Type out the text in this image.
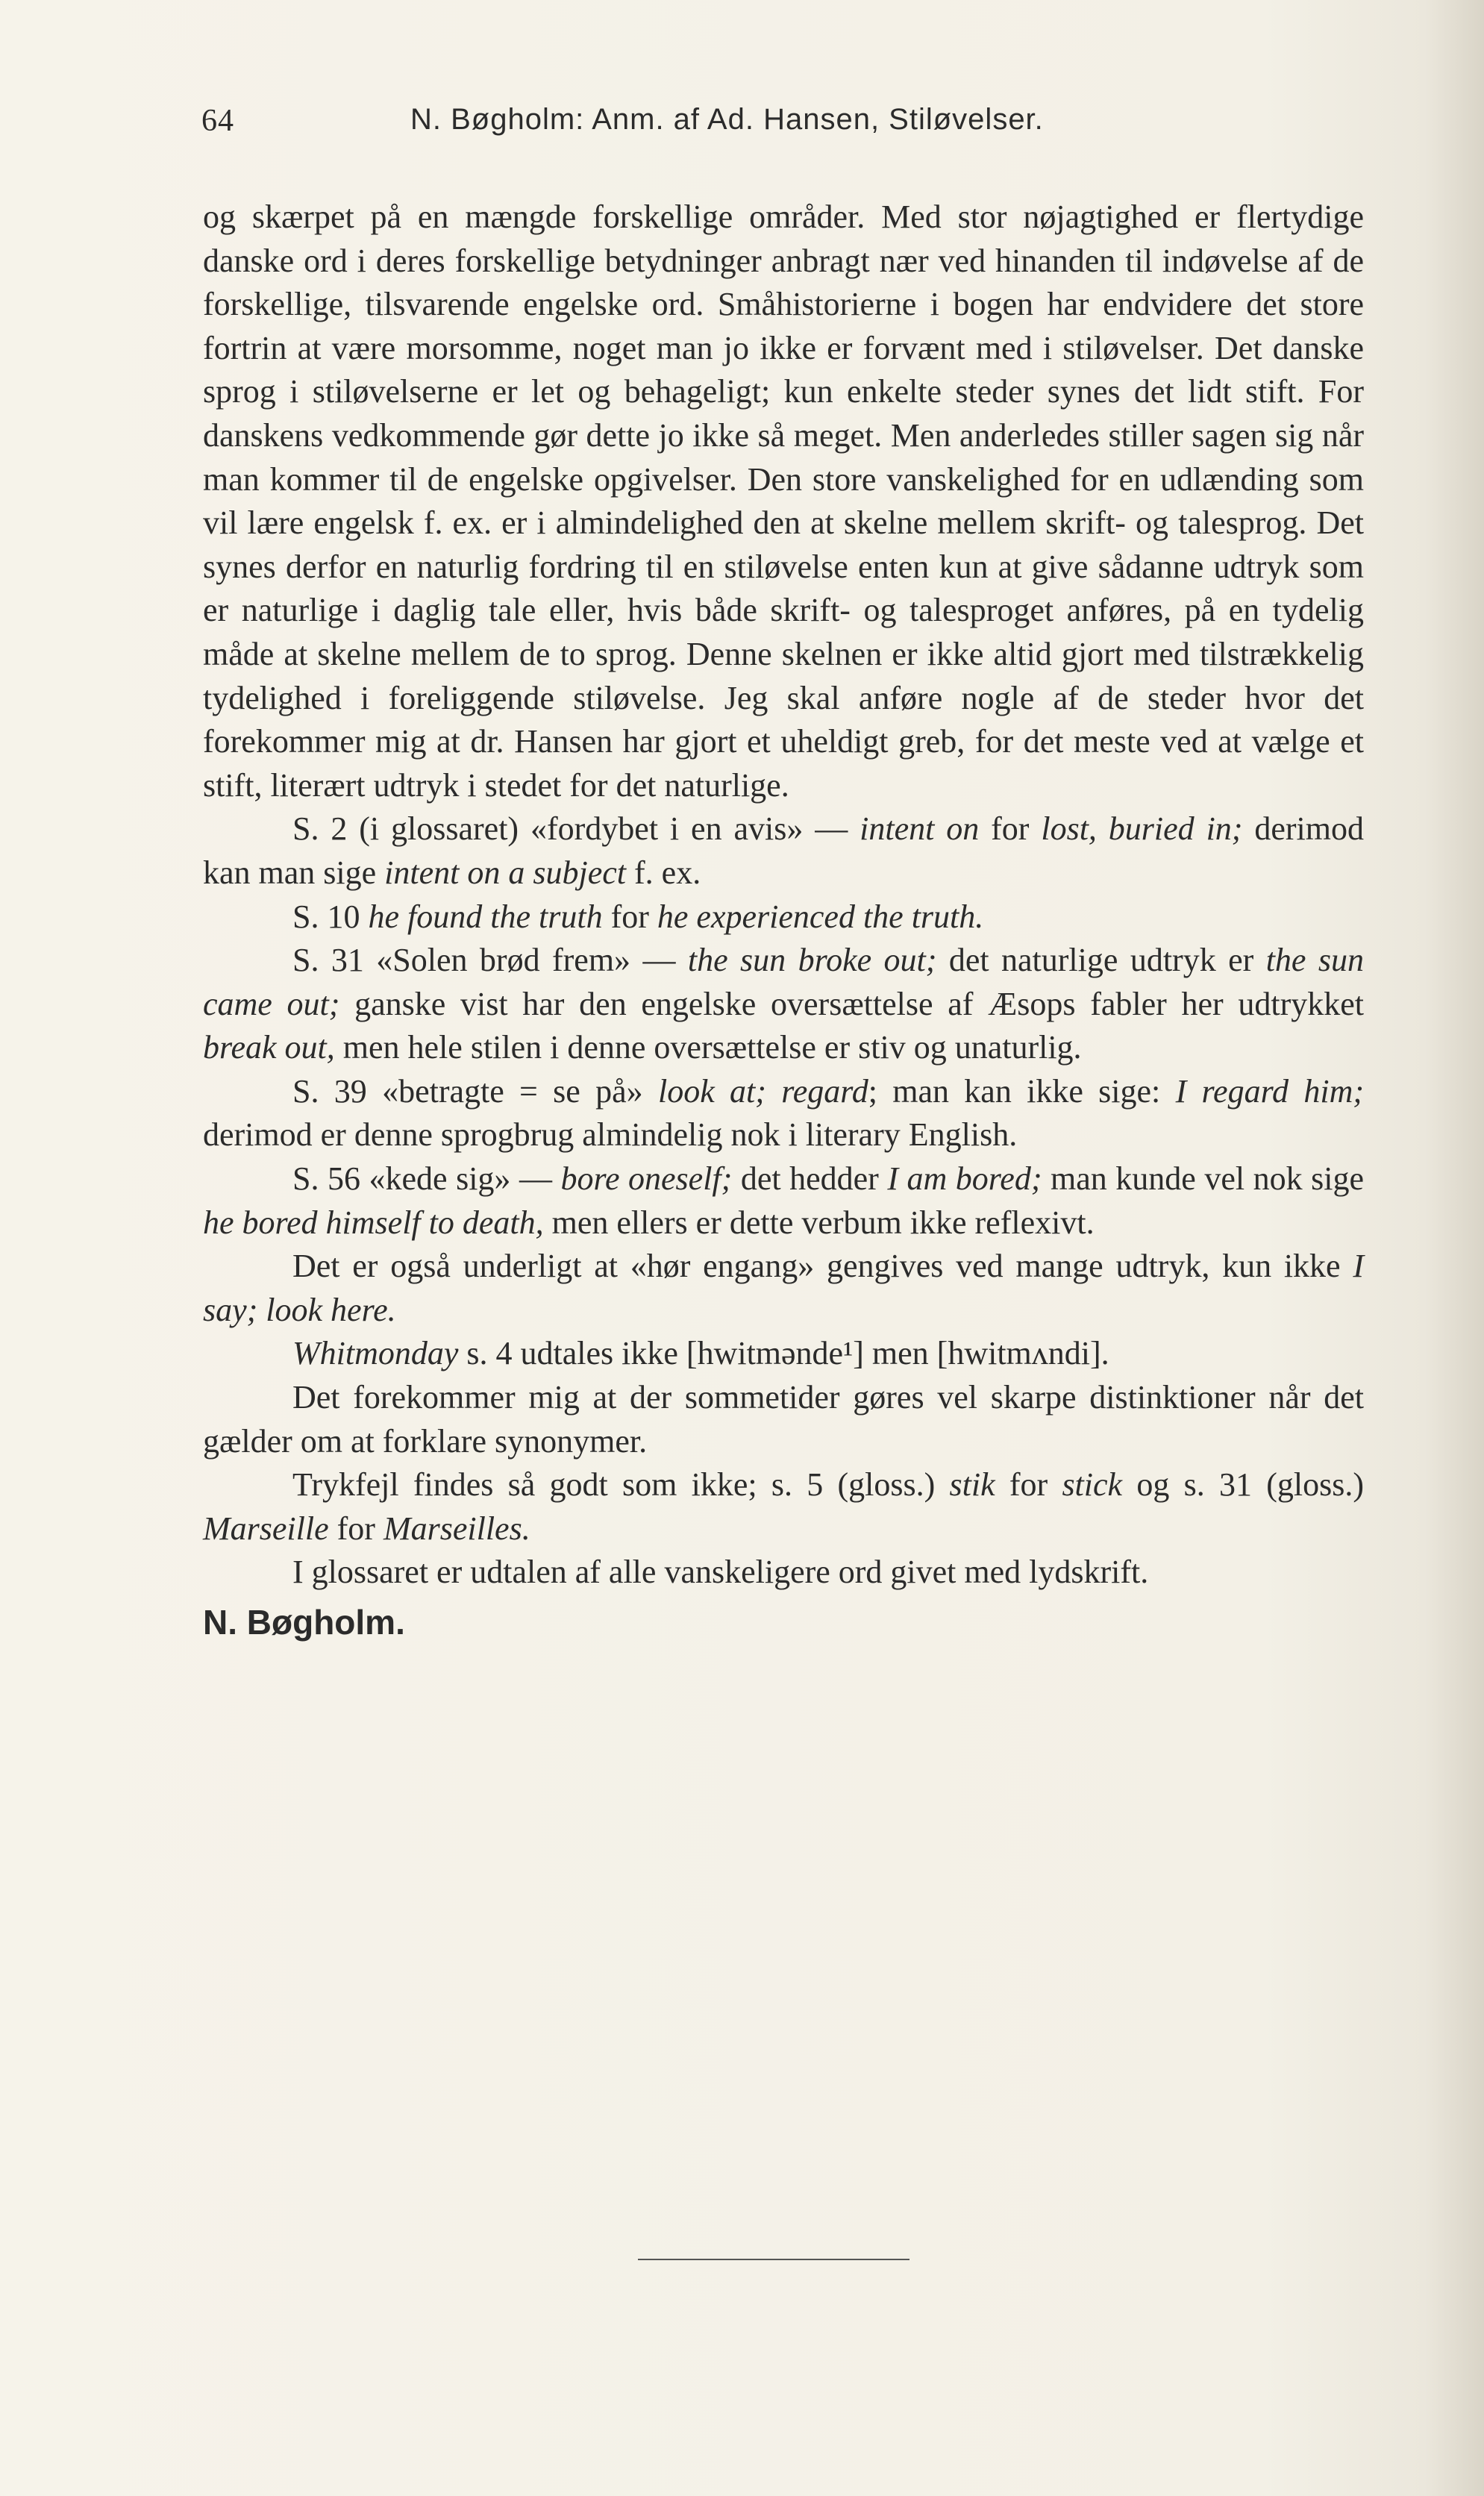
64	N. Bøgholm: Anm. af Ad. Hansen, Stiløvelser.

og skærpet på en mængde forskellige områder. Med stor nøjagtighed er flertydige danske ord i deres forskellige betydninger anbragt nær ved hinanden til indøvelse af de forskellige, tilsvarende engelske ord. Småhistorierne i bogen har endvidere det store fortrin at være morsomme, noget man jo ikke er forvænt med i stiløvelser. Det danske sprog i stiløvelserne er let og behageligt; kun enkelte steder synes det lidt stift. For danskens vedkommende gør dette jo ikke så meget. Men anderledes stiller sagen sig når man kommer til de engelske opgivelser. Den store vanskelighed for en udlænding som vil lære engelsk f. ex. er i almindelighed den at skelne mellem skrift- og talesprog. Det synes derfor en naturlig fordring til en stiløvelse enten kun at give sådanne udtryk som er naturlige i daglig tale eller, hvis både skrift- og talesproget anføres, på en tydelig måde at skelne mellem de to sprog. Denne skelnen er ikke altid gjort med tilstrækkelig tydelighed i foreliggende stiløvelse. Jeg skal anføre nogle af de steder hvor det forekommer mig at dr. Hansen har gjort et uheldigt greb, for det meste ved at vælge et stift, literært udtryk i stedet for det naturlige.

S. 2 (i glossaret) «fordybet i en avis» — intent on for lost, buried in; derimod kan man sige intent on a subject f. ex.

S. 10 he found the truth for he experienced the truth.

S. 31 «Solen brød frem» — the sun broke out; det naturlige udtryk er the sun came out; ganske vist har den engelske oversættelse af Æsops fabler her udtrykket break out, men hele stilen i denne oversættelse er stiv og unaturlig.

S. 39 «betragte = se på» look at; regard; man kan ikke sige: I regard him; derimod er denne sprogbrug almindelig nok i literary English.

S. 56 «kede sig» — bore oneself; det hedder I am bored; man kunde vel nok sige he bored himself to death, men ellers er dette verbum ikke reflexivt.

Det er også underligt at «hør engang» gengives ved mange udtryk, kun ikke I say; look here.

Whitmonday s. 4 udtales ikke [hwitmənde¹] men [hwitmʌndi].

Det forekommer mig at der sommetider gøres vel skarpe distinktioner når det gælder om at forklare synonymer.

Trykfejl findes så godt som ikke; s. 5 (gloss.) stik for stick og s. 31 (gloss.) Marseille for Marseilles.

I glossaret er udtalen af alle vanskeligere ord givet med lydskrift.

N. Bøgholm.
